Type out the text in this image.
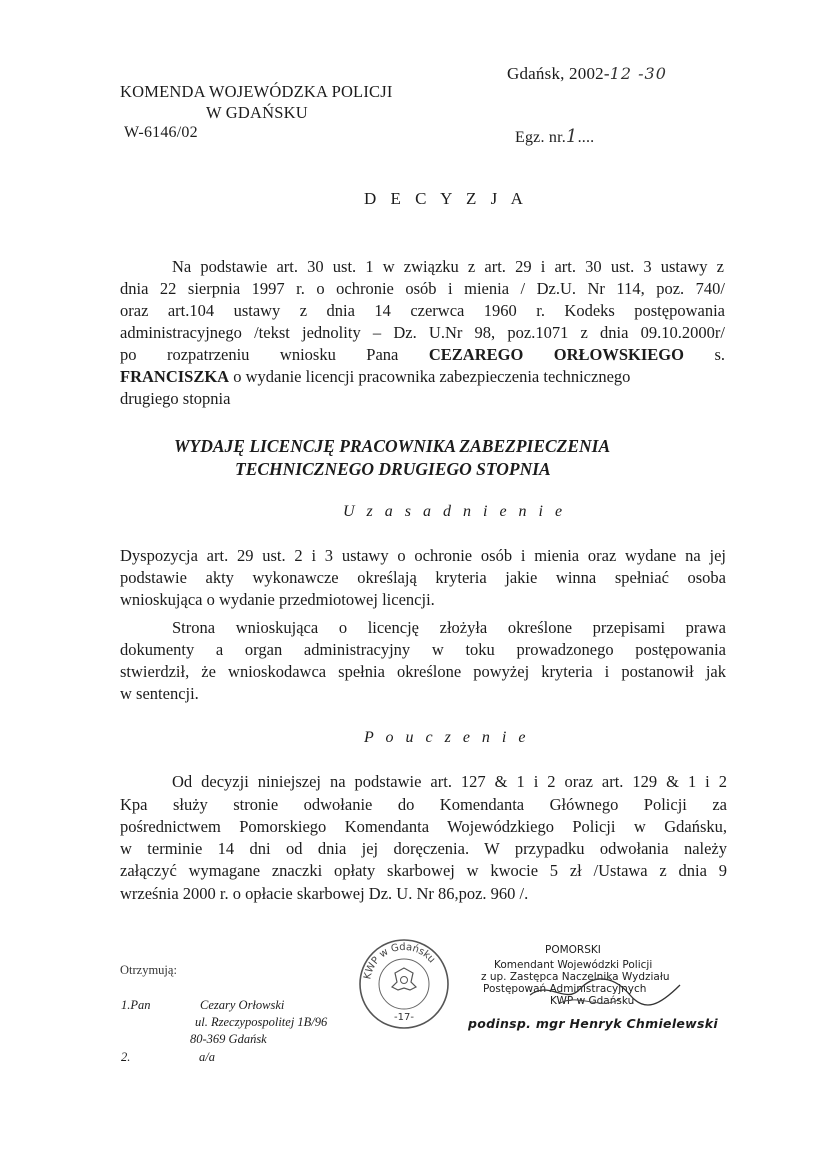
Gdańsk, 2002-12 -30
KOMENDA WOJEWÓDZKA POLICJI
W GDAŃSKU
W-6146/02	Egz. nr.1....
D E C Y Z J A
Na podstawie art. 30 ust. 1 w związku z art. 29 i art. 30 ust. 3 ustawy z
dnia 22 sierpnia 1997 r. o ochronie osób i mienia / Dz.U. Nr 114, poz. 740/
oraz art.104 ustawy z dnia 14 czerwca 1960 r. Kodeks postępowania
administracyjnego /tekst jednolity – Dz. U.Nr 98, poz.1071 z dnia 09.10.2000r/
po rozpatrzeniu wniosku Pana CEZAREGO ORŁOWSKIEGO s.
FRANCISZKA o wydanie licencji pracownika zabezpieczenia technicznego
drugiego stopnia
WYDAJĘ LICENCJĘ PRACOWNIKA ZABEZPIECZENIA
TECHNICZNEGO DRUGIEGO STOPNIA
U z a s a d n i e n i e
Dyspozycja art. 29 ust. 2 i 3 ustawy o ochronie osób i mienia oraz wydane na jej
podstawie akty wykonawcze określają kryteria jakie winna spełniać osoba
wnioskująca o wydanie przedmiotowej licencji.
Strona wnioskująca o licencję złożyła określone przepisami prawa
dokumenty a organ administracyjny w toku prowadzonego postępowania
stwierdził, że wnioskodawca spełnia określone powyżej kryteria i postanowił jak
w sentencji.
P o u c z e n i e
Od decyzji niniejszej na podstawie art. 127 & 1 i 2 oraz art. 129 & 1 i 2
Kpa służy stronie odwołanie do Komendanta Głównego Policji za
pośrednictwem Pomorskiego Komendanta Wojewódzkiego Policji w Gdańsku,
w terminie 14 dni od dnia jej doręczenia. W przypadku odwołania należy
załączyć wymagane znaczki opłaty skarbowej w kwocie 5 zł /Ustawa z dnia 9
września 2000 r. o opłacie skarbowej Dz. U. Nr 86,poz. 960 /.
Otrzymują:
1.Pan	Cezary Orłowski
ul. Rzeczypospolitej 1B/96
80-369 Gdańsk
2.	a/a
KWP w Gdańsku
-17-
POMORSKI
Komendant Wojewódzki Policji
z up. Zastępca Naczelnika Wydziału
Postępowań Administracyjnych
KWP w Gdańsku
podinsp. mgr Henryk Chmielewski
